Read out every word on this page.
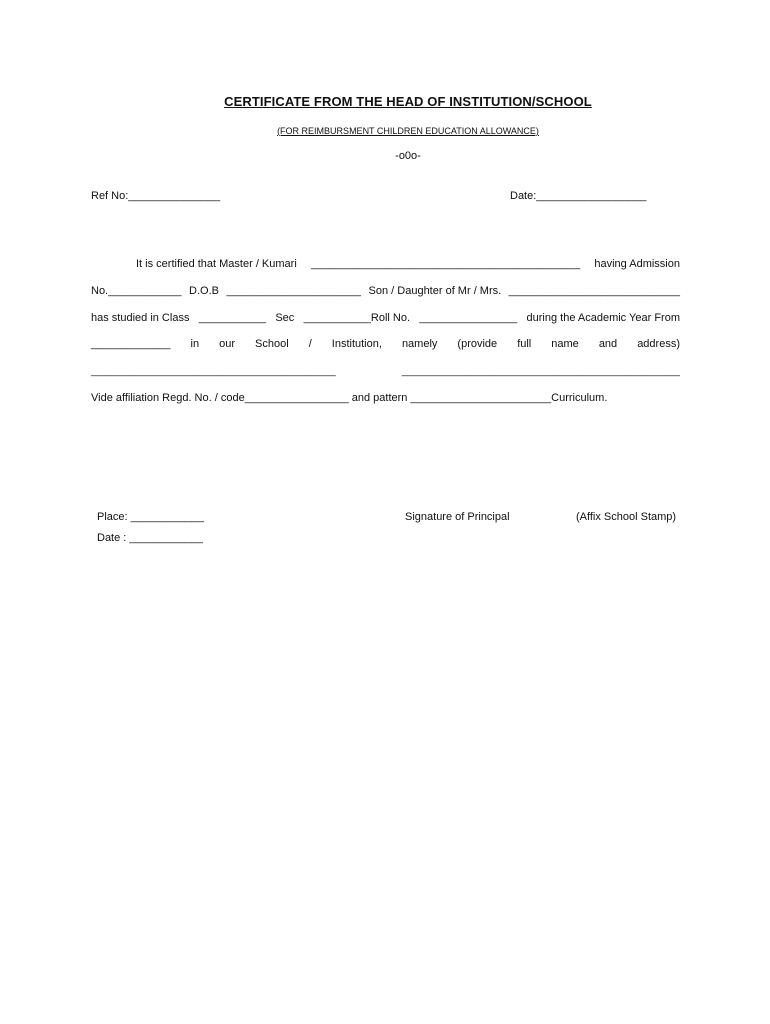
CERTIFICATE FROM THE HEAD OF INSTITUTION/SCHOOL
(FOR REIMBURSMENT CHILDREN EDUCATION ALLOWANCE)
-o0o-
Ref No:_______________	Date:__________________
It is certified that Master / Kumari ____________________________________________ having Admission
No.____________ D.O.B ______________________ Son / Daughter of Mr / Mrs. ____________________________
has studied in Class ___________ Sec ___________Roll No. ________________ during the Academic Year From
_____________ in our School / Institution, namely (provide full name and address)
____________________________________________	__________________________________________________
Vide affiliation Regd. No. / code_________________ and pattern _______________________Curriculum.
Place: ____________
Date : ____________
Signature of Principal	(Affix School Stamp)
